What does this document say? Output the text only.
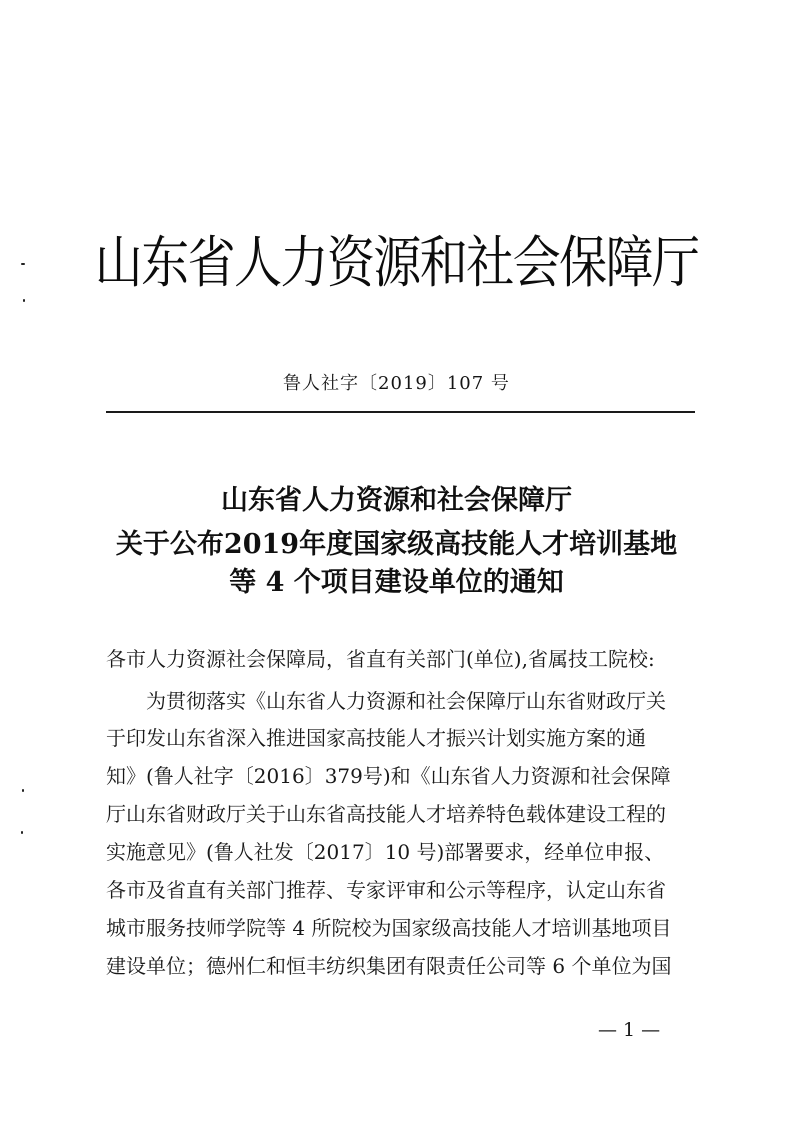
山东省人力资源和社会保障厅
鲁人社字〔2019〕107 号
山东省人力资源和社会保障厅
关于公布2019年度国家级高技能人才培训基地
等 4 个项目建设单位的通知
各市人力资源社会保障局，省直有关部门(单位),省属技工院校:
为贯彻落实《山东省人力资源和社会保障厅山东省财政厅关
于印发山东省深入推进国家高技能人才振兴计划实施方案的通
知》(鲁人社字〔2016〕379号)和《山东省人力资源和社会保障
厅山东省财政厅关于山东省高技能人才培养特色载体建设工程的
实施意见》(鲁人社发〔2017〕10 号)部署要求，经单位申报、
各市及省直有关部门推荐、专家评审和公示等程序，认定山东省
城市服务技师学院等 4 所院校为国家级高技能人才培训基地项目
建设单位；德州仁和恒丰纺织集团有限责任公司等 6 个单位为国
— 1 —
